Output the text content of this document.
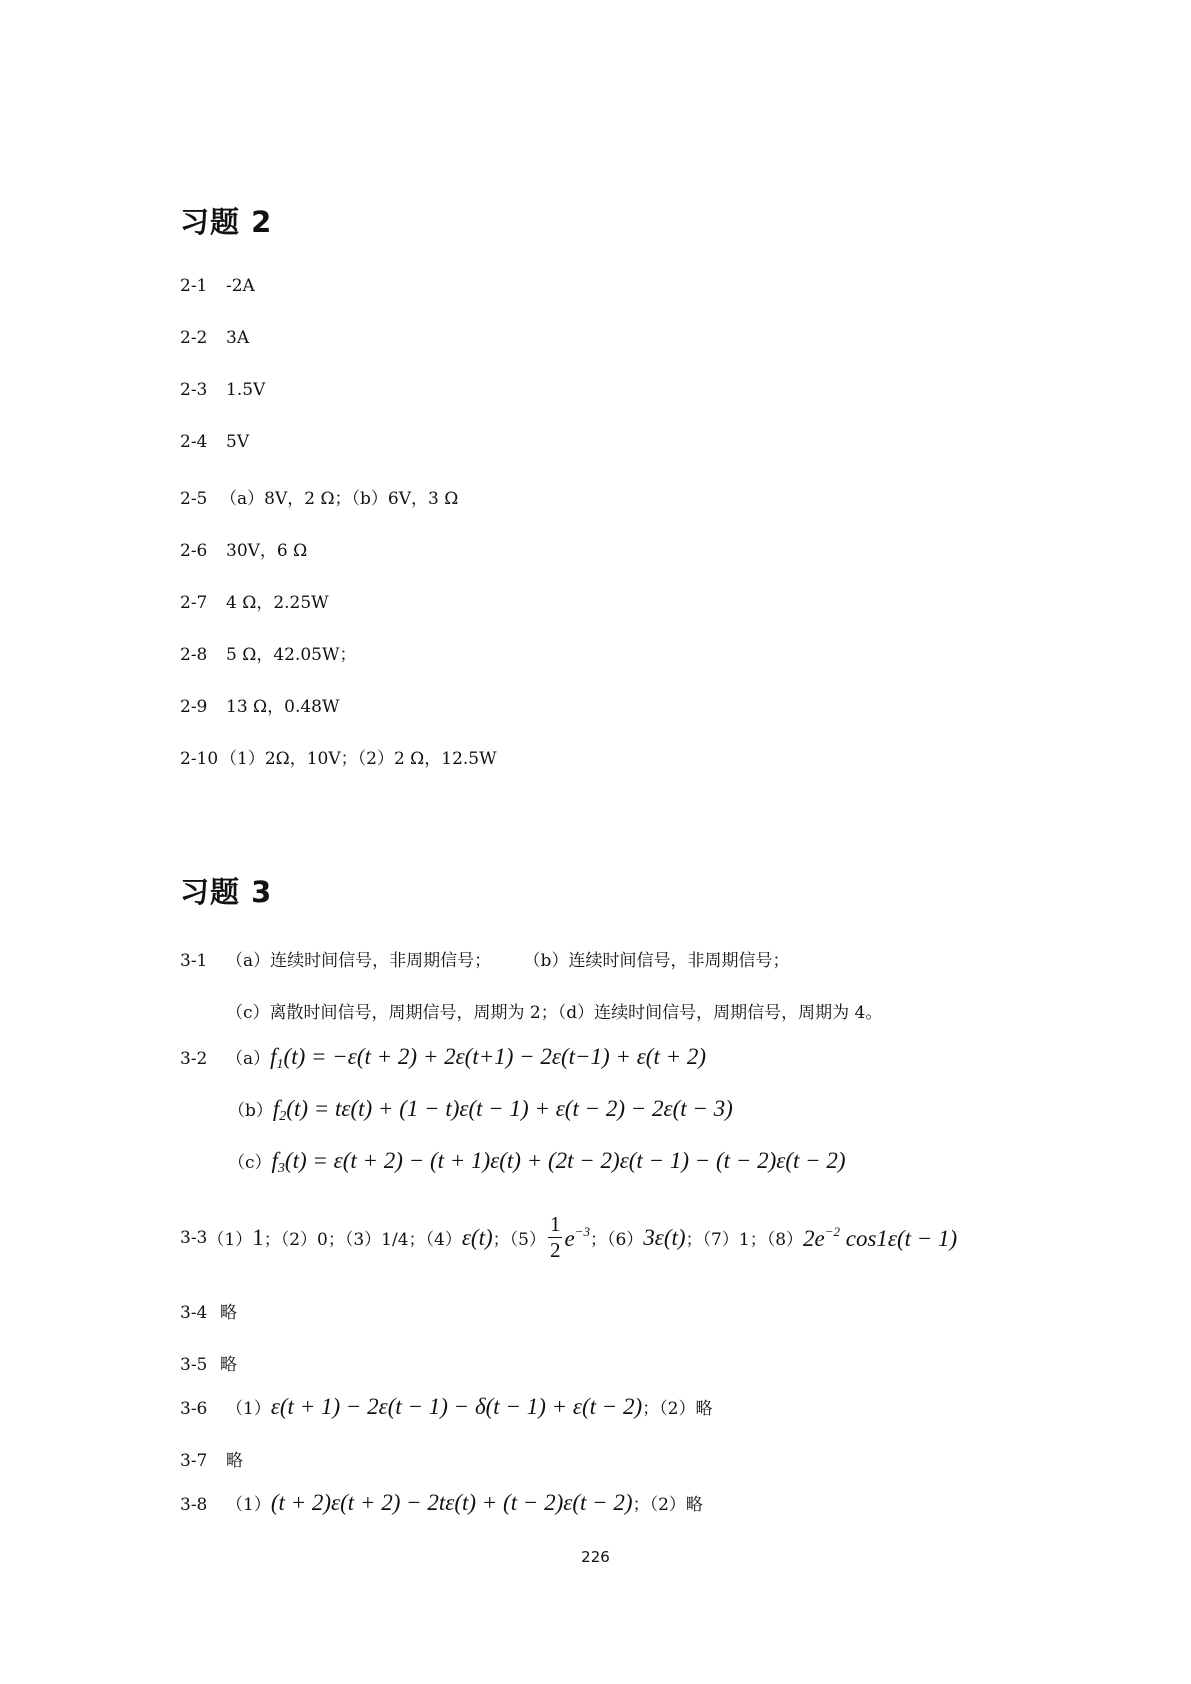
习题 2
2-1	-2A
2-2	3A
2-3	1.5V
2-4	5V
2-5 （a）8V，2 Ω；（b）6V，3 Ω
2-6	30V，6 Ω
2-7	4 Ω，2.25W
2-8	5 Ω，42.05W；
2-9	13 Ω，0.48W
2-10 （1）2Ω，10V；（2）2 Ω，12.5W
习题 3
3-1	（a）连续时间信号，非周期信号；      （b）连续时间信号，非周期信号；
（c）离散时间信号，周期信号，周期为 2；（d）连续时间信号，周期信号，周期为 4。
3-2	（a） $f_1(t) = -\varepsilon(t + 2) + 2\varepsilon(t+1) - 2\varepsilon(t-1) + \varepsilon(t + 2)$
（b） $f_2(t) = t\varepsilon(t) + (1 - t)\varepsilon(t - 1) + \varepsilon(t - 2) - 2\varepsilon(t - 3)$
（c） $f_3(t) = \varepsilon(t + 2) - (t + 1)\varepsilon(t) + (2t - 2)\varepsilon(t - 1) - (t - 2)\varepsilon(t - 2)$
3-3 （1） 1 ；（2）0；（3）1/4；（4） ε(t) ；$(5) \frac{1}{2} e^{-3}$ ；（6） 3ε(t) ；（7）1；（8） $2e^{-2}$ cos1ε(t − 1)
3-4 略
3-5 略
3-6	（1） ε(t + 1) − 2ε(t − 1) − δ(t − 1) + ε(t − 2) ；（2）略
3-7	略
3-8	（1） (t + 2)ε(t + 2) − 2tε(t) + (t − 2)ε(t − 2) ；（2）略
226
